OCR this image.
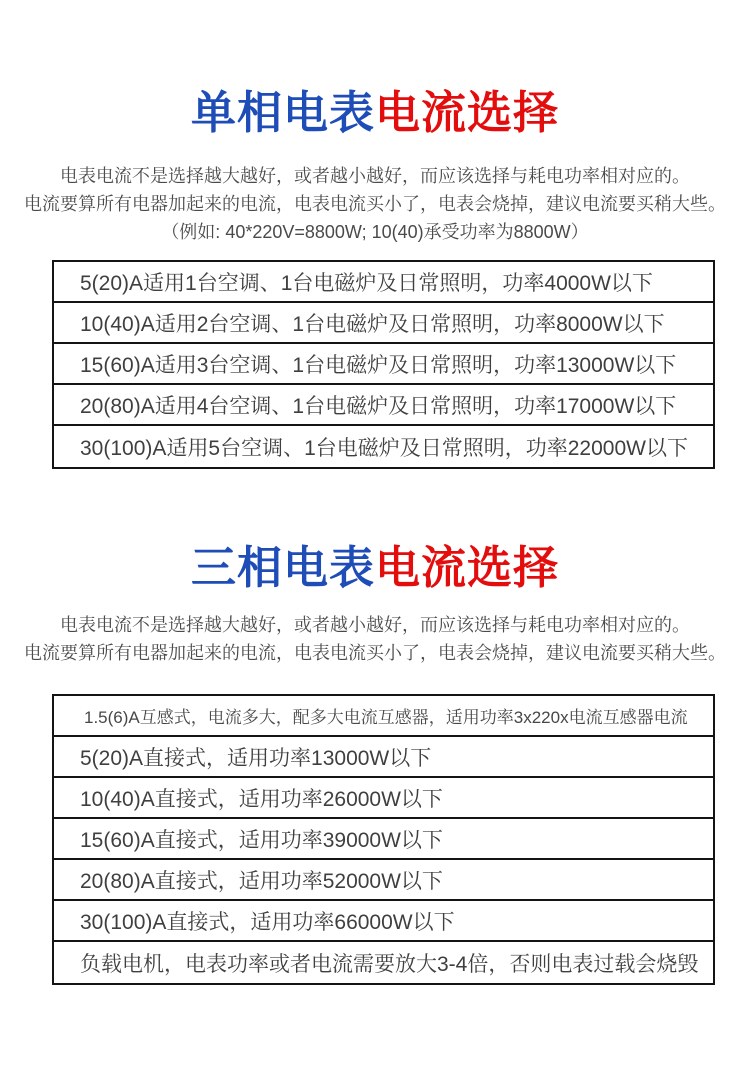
单相电表电流选择
电表电流不是选择越大越好，或者越小越好，而应该选择与耗电功率相对应的。
电流要算所有电器加起来的电流，电表电流买小了，电表会烧掉，建议电流要买稍大些。
（例如: 40*220V=8800W; 10(40)承受功率为8800W）
5(20)A适用1台空调、1台电磁炉及日常照明，功率4000W以下
10(40)A适用2台空调、1台电磁炉及日常照明，功率8000W以下
15(60)A适用3台空调、1台电磁炉及日常照明，功率13000W以下
20(80)A适用4台空调、1台电磁炉及日常照明，功率17000W以下
30(100)A适用5台空调、1台电磁炉及日常照明，功率22000W以下
三相电表电流选择
电表电流不是选择越大越好，或者越小越好，而应该选择与耗电功率相对应的。
电流要算所有电器加起来的电流，电表电流买小了，电表会烧掉，建议电流要买稍大些。
1.5(6)A互感式，电流多大，配多大电流互感器，适用功率3x220x电流互感器电流
5(20)A直接式，适用功率13000W以下
10(40)A直接式，适用功率26000W以下
15(60)A直接式，适用功率39000W以下
20(80)A直接式，适用功率52000W以下
30(100)A直接式，适用功率66000W以下
负载电机，电表功率或者电流需要放大3-4倍，否则电表过载会烧毁
